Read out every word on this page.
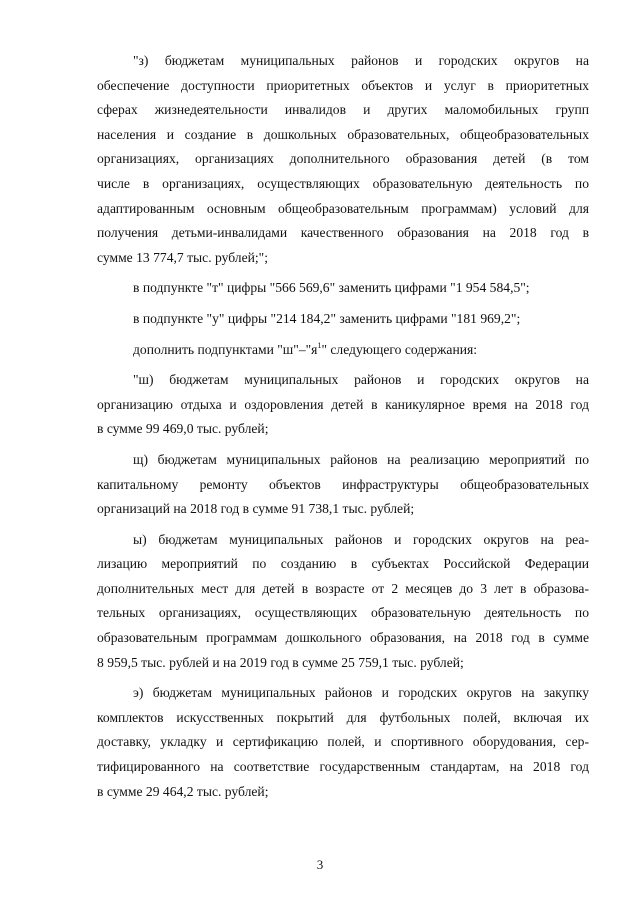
"з) бюджетам муниципальных районов и городских округов на
обеспечение доступности приоритетных объектов и услуг в приоритетных
сферах жизнедеятельности инвалидов и других маломобильных групп
населения и создание в дошкольных образовательных, общеобразовательных
организациях, организациях дополнительного образования детей (в том
числе в организациях, осуществляющих образовательную деятельность по
адаптированным основным общеобразовательным программам) условий для
получения детьми-инвалидами качественного образования на 2018 год в
сумме 13 774,7 тыс. рублей;";
в подпункте "т" цифры "566 569,6" заменить цифрами "1 954 584,5";
в подпункте "у" цифры "214 184,2" заменить цифрами "181 969,2";
дополнить подпунктами "$ш"-"я^1$" следующего содержания:
"ш) бюджетам муниципальных районов и городских округов на
организацию отдыха и оздоровления детей в каникулярное время на 2018 год
в сумме 99 469,0 тыс. рублей;
щ) бюджетам муниципальных районов на реализацию мероприятий по
капитальному ремонту объектов инфраструктуры общеобразовательных
организаций на 2018 год в сумме 91 738,1 тыс. рублей;
ы) бюджетам муниципальных районов и городских округов на реа-
лизацию мероприятий по созданию в субъектах Российской Федерации
дополнительных мест для детей в возрасте от 2 месяцев до 3 лет в образова-
тельных организациях, осуществляющих образовательную деятельность по
образовательным программам дошкольного образования, на 2018 год в сумме
8 959,5 тыс. рублей и на 2019 год в сумме 25 759,1 тыс. рублей;
э) бюджетам муниципальных районов и городских округов на закупку
комплектов искусственных покрытий для футбольных полей, включая их
доставку, укладку и сертификацию полей, и спортивного оборудования, сер-
тифицированного на соответствие государственным стандартам, на 2018 год
в сумме 29 464,2 тыс. рублей;
3
